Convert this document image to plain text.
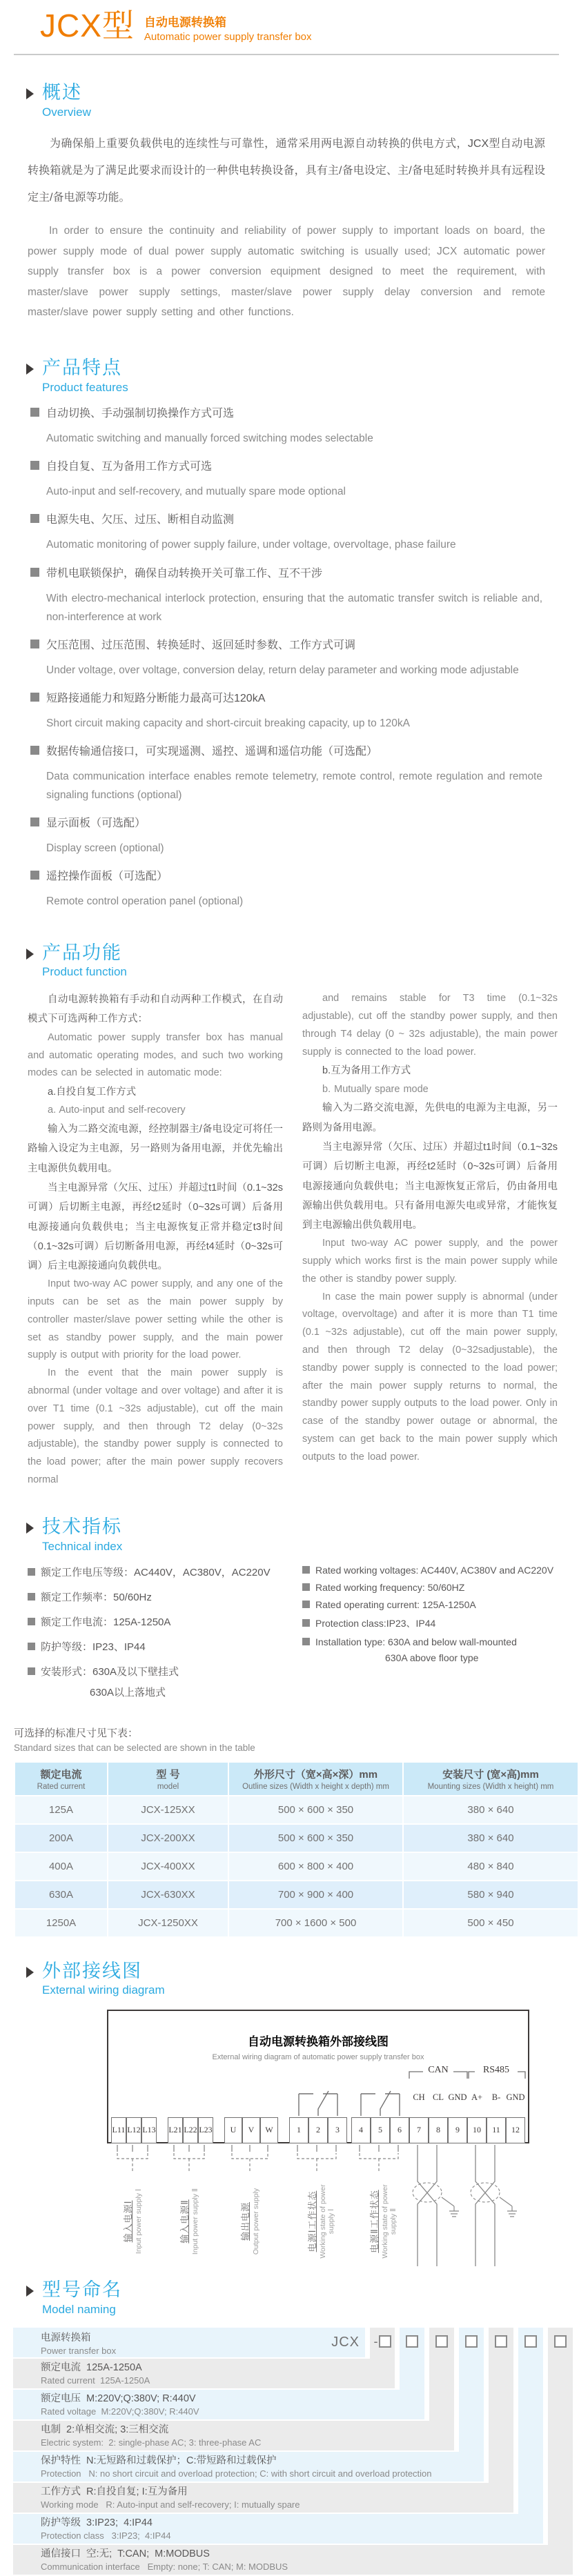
JCX型 自动电源转换箱
Automatic power supply transfer box
概述
Overview

为确保船上重要负载供电的连续性与可靠性，通常采用两电源自动转换的供电方式，JCX型自动电源转换箱就是为了满足此要求而设计的一种供电转换设备，具有主/备电设定、主/备电延时转换并具有远程设定主/备电源等功能。

In order to ensure the continuity and reliability of power supply to important loads on board, the power supply mode of dual power supply automatic switching is usually used; JCX automatic power supply transfer box is a power conversion equipment designed to meet the requirement, with master/slave power supply settings, master/slave power supply delay conversion and remote master/slave power supply setting and other functions.

产品特点
Product features
自动切换、手动强制切换操作方式可选
Automatic switching and manually forced switching modes selectable
自投自复、互为备用工作方式可选
Auto-input and self-recovery, and mutually spare mode optional
电源失电、欠压、过压、断相自动监测
Automatic monitoring of power supply failure, under voltage, overvoltage, phase failure
带机电联锁保护，确保自动转换开关可靠工作、互不干涉
With electro-mechanical interlock protection, ensuring that the automatic transfer switch is reliable and, non-interference at work
欠压范围、过压范围、转换延时、返回延时参数、工作方式可调
Under voltage, over voltage, conversion delay, return delay parameter and working mode adjustable
短路接通能力和短路分断能力最高可达120kA
Short circuit making capacity and short-circuit breaking capacity, up to 120kA
数据传输通信接口，可实现遥测、遥控、遥调和遥信功能（可选配）
Data communication interface enables remote telemetry, remote control, remote regulation and remote signaling functions (optional)
显示面板（可选配）
Display screen (optional)
遥控操作面板（可选配）
Remote control operation panel (optional)
产品功能
Product function

自动电源转换箱有手动和自动两种工作模式，在自动模式下可选两种工作方式：

Automatic power supply transfer box has manual and automatic operating modes, and such two working modes can be selected in automatic mode:

a.自投自复工作方式

a. Auto-input and self-recovery

输入为二路交流电源，经控制器主/备电设定可将任一路输入设定为主电源，另一路则为备用电源，并优先输出主电源供负载用电。

当主电源异常（欠压、过压）并超过t1时间（0.1~32s可调）后切断主电源，再经t2延时（0~32s可调）后备用电源接通向负载供电；当主电源恢复正常并稳定t3时间（0.1~32s可调）后切断备用电源，再经t4延时（0~32s可调）后主电源接通向负载供电。

Input two-way AC power supply, and any one of the inputs can be set as the main power supply by controller master/slave power setting while the other is set as standby power supply, and the main power supply is output with priority for the load power.

In the event that the main power supply is abnormal (under voltage and over voltage) and after it is over T1 time (0.1 ~32s adjustable), cut off the main power supply, and then through T2 delay (0~32s adjustable), the standby power supply is connected to the load power; after the main power supply recovers normal

and remains stable for T3 time (0.1~32s adjustable), cut off the standby power supply, and then through T4 delay (0 ~ 32s adjustable), the main power supply is connected to the load power.

b.互为备用工作方式

b. Mutually spare mode

输入为二路交流电源，先供电的电源为主电源，另一路则为备用电源。

当主电源异常（欠压、过压）并超过t1时间（0.1~32s可调）后切断主电源，再经t2延时（0~32s可调）后备用电源接通向负载供电；当主电源恢复正常后，仍由备用电源输出供负载用电。只有备用电源失电或异常，才能恢复到主电源输出供负载用电。

Input two-way AC power supply, and the power supply which works first is the main power supply while the other is standby power supply.

In case the main power supply is abnormal (under voltage, overvoltage) and after it is more than T1 time (0.1 ~32s adjustable), cut off the main power supply, and then through T2 delay (0~32sadjustable), the standby power supply is connected to the load power; after the main power supply returns to normal, the standby power supply outputs to the load power. Only in case of the standby power outage or abnormal, the system can get back to the main power supply which outputs to the load power.

技术指标
Technical index
额定工作电压等级：AC440V，AC380V，AC220V
额定工作频率：50/60Hz
额定工作电流：125A-1250A
防护等级：IP23、IP44
安装形式：630A及以下壁挂式
630A以上落地式
Rated working voltages: AC440V, AC380V and AC220V
Rated working frequency: 50/60HZ
Rated operating current: 125A-1250A
Protection class:IP23、IP44
Installation type: 630A and below wall-mounted
630A above floor type
可选择的标准尺寸见下表：
Standard sizes that can be selected are shown in the table
额定电流
Rated current

型 号
model

外形尺寸（宽×高×深）mm
Outline sizes (Width x height x depth) mm

安装尺寸 (宽×高)mm
Mounting sizes (Width x height) mm

125A	JCX-125XX	500 × 600 × 350	380 × 640
200A	JCX-200XX	500 × 600 × 350	380 × 640
400A	JCX-400XX	600 × 800 × 400	480 × 840
630A	JCX-630XX	700 × 900 × 400	580 × 940
1250A	JCX-1250XX	700 × 1600 × 500	500 × 450
外部接线图
External wiring diagram
自动电源转换箱外部接线图
External wiring diagram of automatic power supply transfer box
CAN	RS485
CH CL GND A+ B- GND
L11 L12 L13 L21 L22 L23	U	V	W	1	2	3	4	5	6	7	8	9	10	11	12
输入电源Ⅰ Input power supply Ⅰ	输入电源Ⅱ Input power supply Ⅱ	输出电源 Output power supply	电源Ⅰ工作状态 Working state of power supply Ⅰ	电源Ⅱ工作状态 Working state of power supply Ⅱ
型号命名
Model naming
电源转换箱
Power transfer box
额定电流  125A-1250A
Rated current  125A-1250A
额定电压  M:220V;Q:380V; R:440V
Rated voltage  M:220V;Q:380V; R:440V
电制  2:单相交流; 3:三相交流
Electric system:  2: single-phase AC; 3: three-phase AC
保护特性  N:无短路和过载保护；C:带短路和过载保护
Protection   N: no short circuit and overload protection; C: with short circuit and overload protection
工作方式  R:自投自复; I:互为备用
Working mode   R: Auto-input and self-recovery; I: mutually spare
防护等级  3:IP23;  4:IP44
Protection class   3:IP23;  4:IP44
通信接口  空:无;  T:CAN;  M:MODBUS
Communication interface   Empty: none; T: CAN; M: MODBUS
JCX	-
